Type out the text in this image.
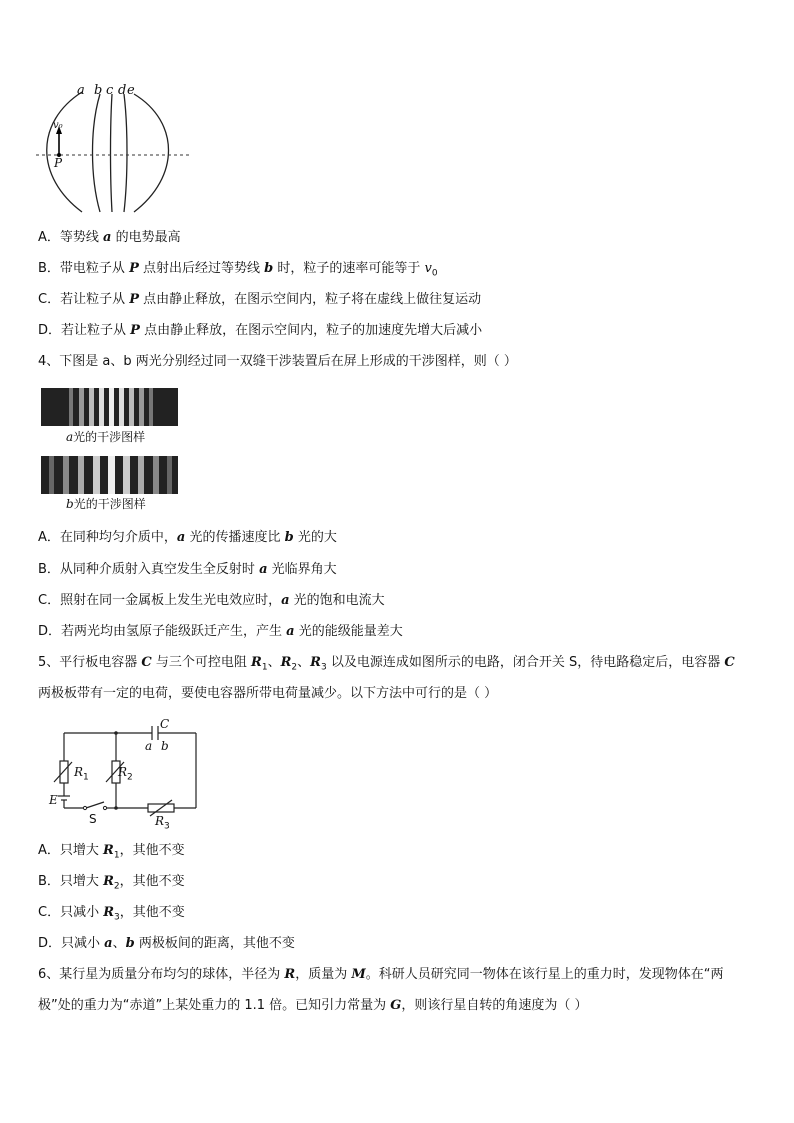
a b c d e
v₀
P
A．等势线 a 的电势最高
B．带电粒子从 P 点射出后经过等势线 b 时，粒子的速率可能等于 $v_0$
C．若让粒子从 P 点由静止释放，在图示空间内，粒子将在虚线上做往复运动
D．若让粒子从 P 点由静止释放，在图示空间内，粒子的加速度先增大后减小
4、下图是 a、b 两光分别经过同一双缝干涉装置后在屏上形成的干涉图样，则（ ）
a光的干涉图样
b光的干涉图样
A．在同种均匀介质中，a 光的传播速度比 b 光的大
B．从同种介质射入真空发生全反射时 a 光临界角大
C．照射在同一金属板上发生光电效应时，a 光的饱和电流大
D．若两光均由氢原子能级跃迁产生，产生 a 光的能级能量差大
5、平行板电容器 C 与三个可控电阻 $R_1$、$R_2$、$R_3$ 以及电源连成如图所示的电路，闭合开关 S，待电路稳定后，电容器 C
两极板带有一定的电荷，要使电容器所带电荷量减少。以下方法中可行的是（ ）
C
a b
$R_1$ $R_2$
E
S	$R_3$
A．只增大 $R_1$，其他不变
B．只增大 $R_2$，其他不变
C．只减小 $R_3$，其他不变
D．只减小 a、b 两极板间的距离，其他不变
6、某行星为质量分布均匀的球体，半径为 R，质量为 M。科研人员研究同一物体在该行星上的重力时，发现物体在“两
极”处的重力为“赤道”上某处重力的 1.1 倍。已知引力常量为 G，则该行星自转的角速度为（ ）
